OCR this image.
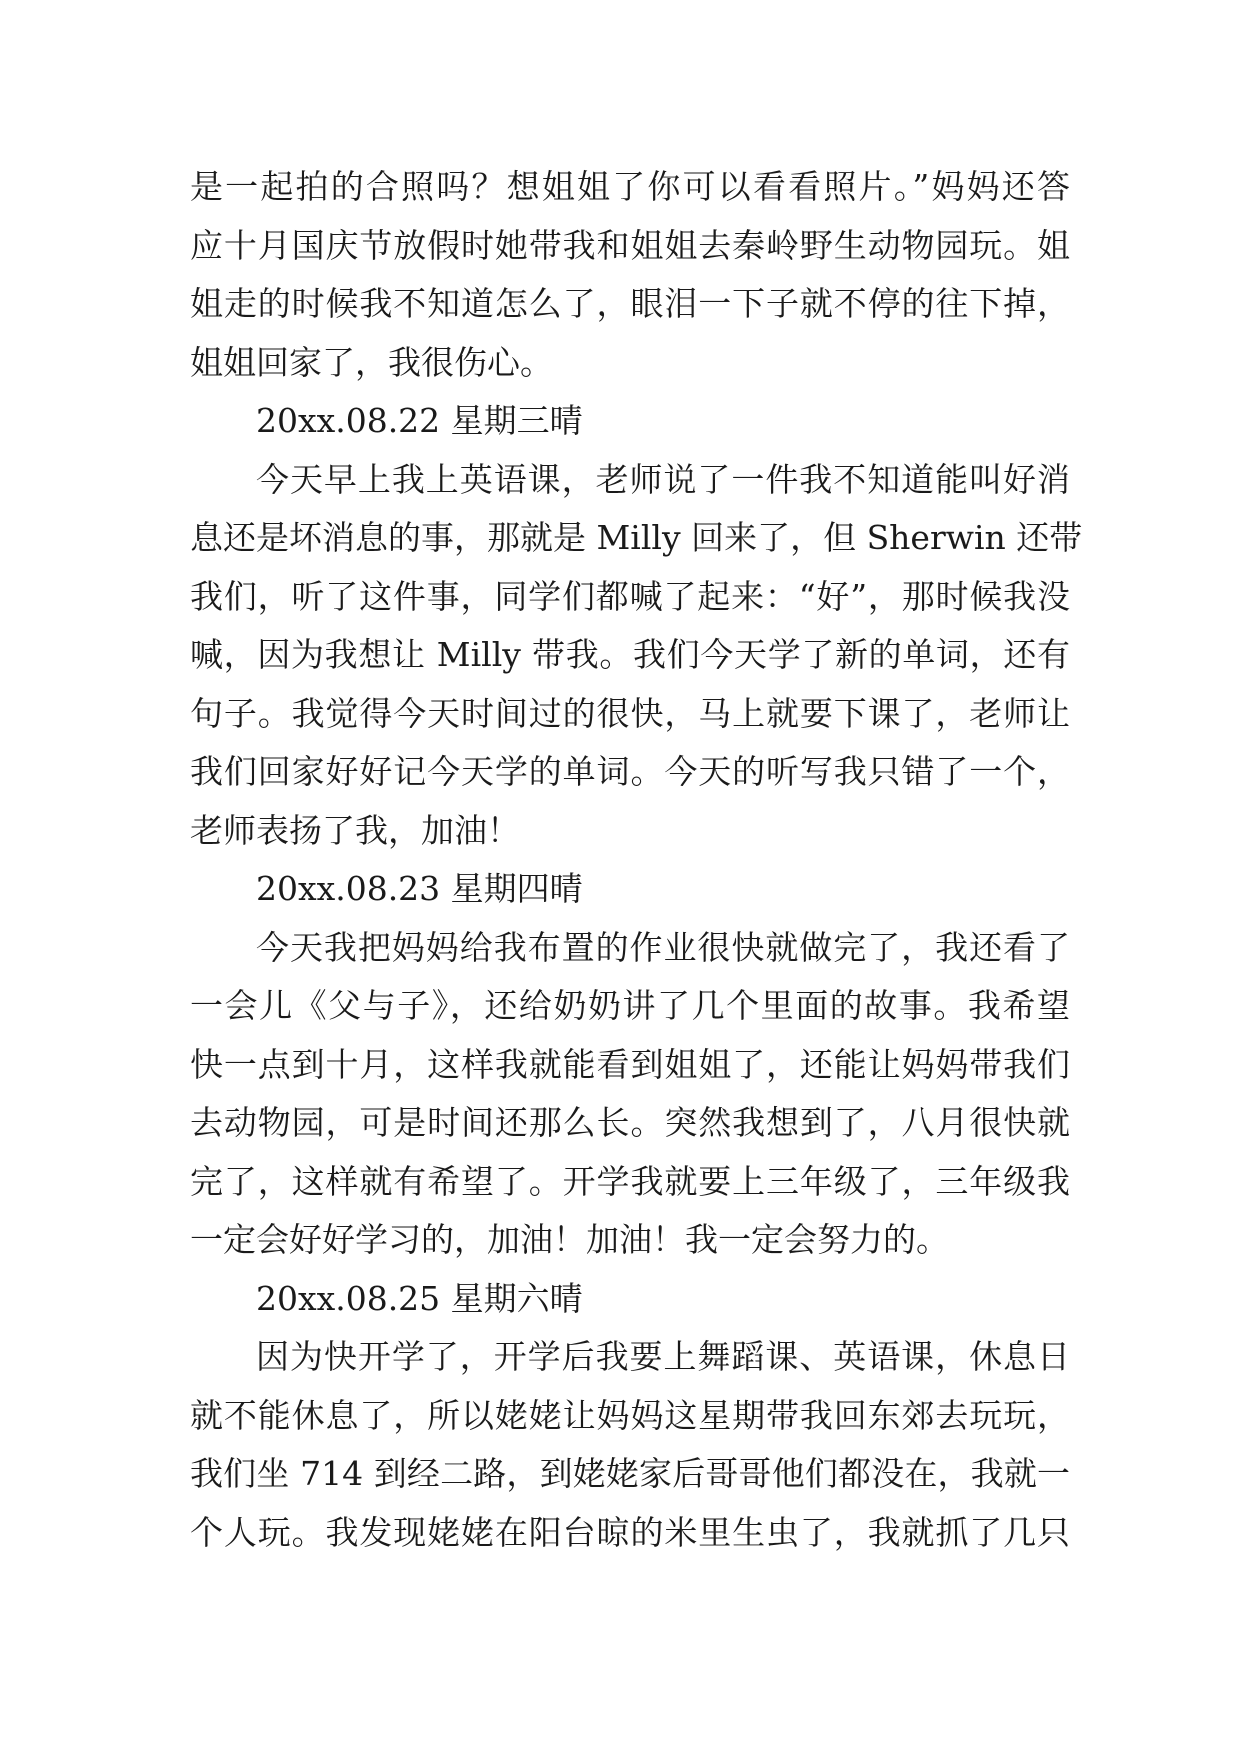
是一起拍的合照吗？想姐姐了你可以看看照片。”妈妈还答
应十月国庆节放假时她带我和姐姐去秦岭野生动物园玩。姐
姐走的时候我不知道怎么了，眼泪一下子就不停的往下掉，
姐姐回家了，我很伤心。
20xx.08.22 星期三晴
今天早上我上英语课，老师说了一件我不知道能叫好消
息还是坏消息的事，那就是 Milly 回来了，但 Sherwin 还带
我们，听了这件事，同学们都喊了起来：“好”，那时候我没
喊，因为我想让 Milly 带我。我们今天学了新的单词，还有
句子。我觉得今天时间过的很快，马上就要下课了，老师让
我们回家好好记今天学的单词。今天的听写我只错了一个，
老师表扬了我，加油！
20xx.08.23 星期四晴
今天我把妈妈给我布置的作业很快就做完了，我还看了
一会儿《父与子》，还给奶奶讲了几个里面的故事。我希望
快一点到十月，这样我就能看到姐姐了，还能让妈妈带我们
去动物园，可是时间还那么长。突然我想到了，八月很快就
完了，这样就有希望了。开学我就要上三年级了，三年级我
一定会好好学习的，加油！加油！我一定会努力的。
20xx.08.25 星期六晴
因为快开学了，开学后我要上舞蹈课、英语课，休息日
就不能休息了，所以姥姥让妈妈这星期带我回东郊去玩玩，
我们坐 714 到经二路，到姥姥家后哥哥他们都没在，我就一
个人玩。我发现姥姥在阳台晾的米里生虫了，我就抓了几只
